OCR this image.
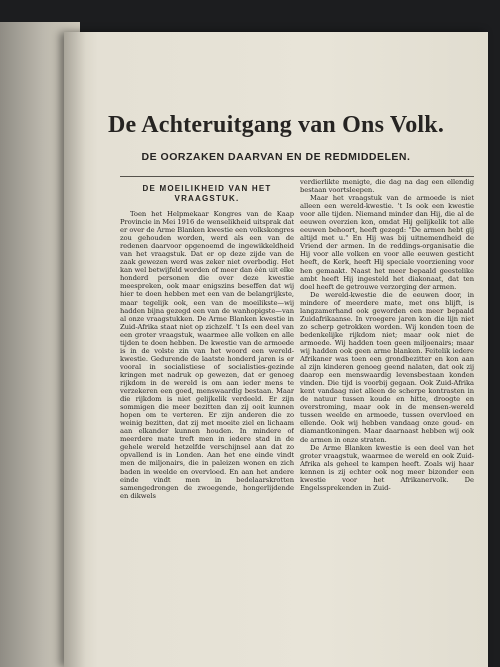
De Achteruitgang van Ons Volk.
DE OORZAKEN DAARVAN EN DE REDMIDDELEN.
DE MOEILIKHEID VAN HET
VRAAGSTUK.

Toen het Helpmekaar Kongres van de Kaap Provincie in Mei 1916 de wenselikheid uitsprak dat er over de Arme Blanken kwestie een volkskongres zou gehouden worden, werd als een van de redenen daarvoor opgenoemd de ingewikkeldheid van het vraagstuk. Dat er op deze zijde van de zaak gewezen werd was zeker niet overbodig. Het kan wel betwijfeld worden of meer dan één uit elke honderd personen die over deze kwestie meespreken, ook maar enigszins beseffen dat wij hier te doen hebben met een van de belangrijkste, maar tegelijk ook, een van de moeilikste—wij hadden bijna gezegd een van de wanhopigste—van al onze vraagstukken. De Arme Blanken kwestie in Zuid-Afrika staat niet op zichzelf. 't Is een deel van een groter vraagstuk, waarmee alle volken en alle tijden te doen hebben. De kwestie van de armoede is in de volste zin van het woord een wereld-kwestie. Gedurende de laatste honderd jaren is er vooral in socialistiese of socialisties-gezinde kringen met nadruk op gewezen, dat er genoeg rijkdom in de wereld is om aan ieder mens te verzekeren een goed, menswaardig bestaan. Maar die rijkdom is niet gelijkelik verdeeld. Er zijn sommigen die meer bezitten dan zij ooit kunnen hopen om te verteren. Er zijn anderen die zo weinig bezitten, dat zij met moeite ziel en lichaam aan elkander kunnen houden. In mindere of meerdere mate treft men in iedere stad in de gehele wereld hetzelfde verschijnsel aan dat zo opvallend is in Londen. Aan het ene einde vindt men de miljonairs, die in paleizen wonen en zich baden in weelde en overvloed. En aan het andere einde vindt men in bedelaarskrotten samengedrongen de zwoegende, hongerlijdende en dikwels

verdierlikte menigte, die dag na dag een ellendig bestaan voortsleepen.

Maar het vraagstuk van de armoede is niet alleen een wereld-kwestie. 't Is ook een kwestie voor alle tijden. Niemand minder dan Hij, die al de eeuwen overzien kon, omdat Hij gelijkelik tot alle eeuwen behoort, heeft gezegd: "De armen hebt gij altijd met u." En Hij was bij uitnemendheid de Vriend der armen. In de reddings-organisatie die Hij voor alle volken en voor alle eeuwen gesticht heeft, de Kerk, heeft Hij speciale voorziening voor hen gemaakt. Naast het meer bepaald geestelike ambt heeft Hij ingesteld het diakonaat, dat ten doel heeft de getrouwe verzorging der armen.

De wereld-kwestie die de eeuwen door, in mindere of meerdere mate, met ons blijft, is langzamerhand ook geworden een meer bepaald Zuidafrikaanse. In vroegere jaren kon die lijn niet zo scherp getrokken worden. Wij konden toen de bedenkelijke rijkdom niet; maar ook niet de armoede. Wij hadden toen geen miljoenairs; maar wij hadden ook geen arme blanken. Feitelik iedere Afrikaner was toen een grondbezitter en kon aan al zijn kinderen genoeg geend nalaten, dat ook zij daarop een menswaardig levensbestaan konden vinden. Die tijd is voorbij gegaan. Ook Zuid-Afrika kent vandaag niet alleen de scherpe kontrasten in de natuur tussen koude en hitte, droogte en overstroming, maar ook in de mensen-wereld tussen weelde en armoede, tussen overvloed en ellende. Ook wij hebben vandaag onze goud- en diamantkoningen. Maar daarnaast hebben wij ook de armen in onze straten.

De Arme Blanken kwestie is een deel van het groter vraagstuk, waarmee de wereld en ook Zuid-Afrika als geheel te kampen heeft. Zoals wij haar kennen is zij echter ook nog meer bizonder een kwestie voor het Afrikanervolk. De Engelssprekenden in Zuid-
